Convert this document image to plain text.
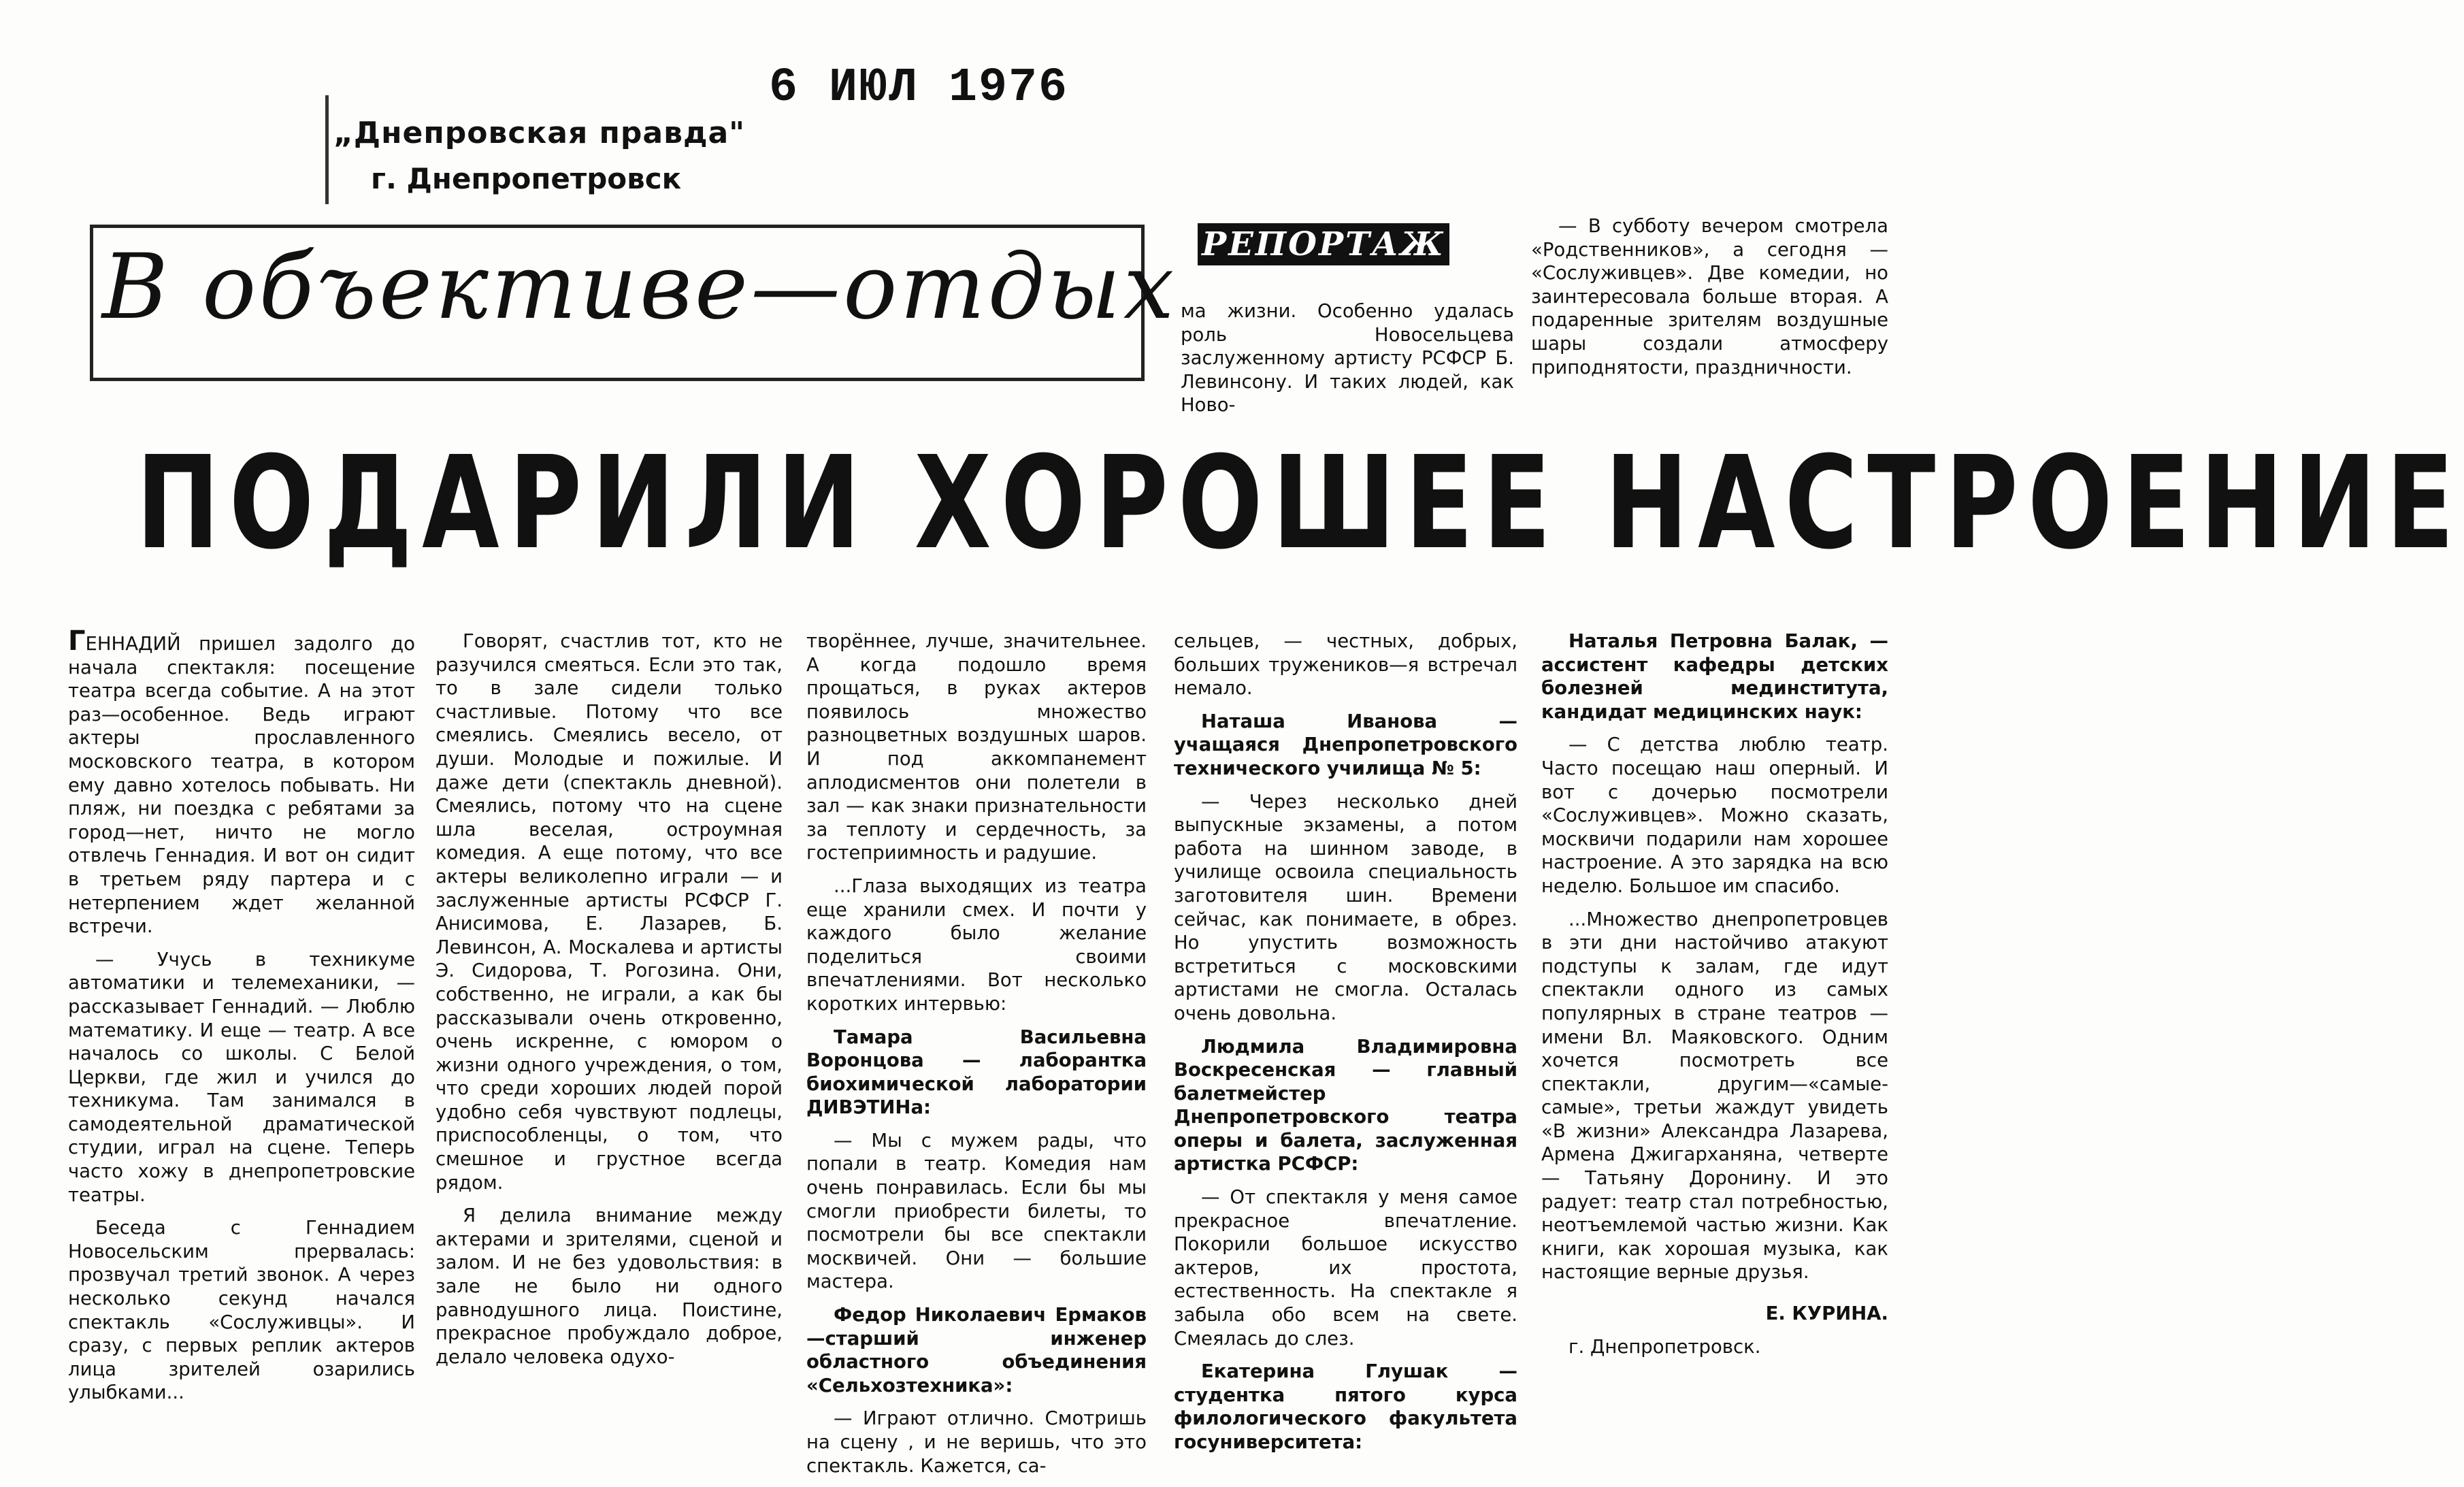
6 ИЮЛ 1976
„Днепровская правда"
г. Днепропетровск
В объективе—отдых РЕПОРТАЖ

ма жизни. Особенно удалась роль Новосельцева заслуженному артисту РСФСР Б. Левинсону. И таких людей, как Ново-

— В субботу вечером смотрела «Родственников», а сегодня — «Сослуживцев». Две комедии, но заинтересовала больше вторая. А подаренные зрителям воздушные шары создали атмосферу приподнятости, праздничности.

ПОДАРИЛИ ХОРОШЕЕ НАСТРОЕНИЕ

ГЕННАДИЙ пришел задолго до начала спектакля: посещение театра всегда событие. А на этот раз—особенное. Ведь играют актеры прославленного московского театра, в котором ему давно хотелось побывать. Ни пляж, ни поездка с ребятами за город—нет, ничто не могло отвлечь Геннадия. И вот он сидит в третьем ряду партера и с нетерпением ждет желанной встречи.

— Учусь в техникуме автоматики и телемеханики, — рассказывает Геннадий. — Люблю математику. И еще — театр. А все началось со школы. С Белой Церкви, где жил и учился до техникума. Там занимался в самодеятельной драматической студии, играл на сцене. Теперь часто хожу в днепропетровские театры.

Беседа с Геннадием Новосельским прервалась: прозвучал третий звонок. А через несколько секунд начался спектакль «Сослуживцы». И сразу, с первых реплик актеров лица зрителей озарились улыбками...

Говорят, счастлив тот, кто не разучился смеяться. Если это так, то в зале сидели только счастливые. Потому что все смеялись. Смеялись весело, от души. Молодые и пожилые. И даже дети (спектакль дневной). Смеялись, потому что на сцене шла веселая, остроумная комедия. А еще потому, что все актеры великолепно играли — и заслуженные артисты РСФСР Г. Анисимова, Е. Лазарев, Б. Левинсон, А. Москалева и артисты Э. Сидорова, Т. Рогозина. Они, собственно, не играли, а как бы рассказывали очень откровенно, очень искренне, с юмором о жизни одного учреждения, о том, что среди хороших людей порой удобно себя чувствуют подлецы, приспособленцы, о том, что смешное и грустное всегда рядом.

Я делила внимание между актерами и зрителями, сценой и залом. И не без удовольствия: в зале не было ни одного равнодушного лица. Поистине, прекрасное пробуждало доброе, делало человека одухо-

творённее, лучше, значительнее. А когда подошло время прощаться, в руках актеров появилось множество разноцветных воздушных шаров. И под аккомпанемент аплодисментов они полетели в зал — как знаки признательности за теплоту и сердечность, за гостеприимность и радушие.

...Глаза выходящих из театра еще хранили смех. И почти у каждого было желание поделиться своими впечатлениями. Вот несколько коротких интервью:

Тамара Васильевна Воронцова — лаборантка биохимической лаборатории ДИВЭТИНа:

— Мы с мужем рады, что попали в театр. Комедия нам очень понравилась. Если бы мы смогли приобрести билеты, то посмотрели бы все спектакли москвичей. Они — большие мастера.

Федор Николаевич Ермаков —старший инженер областного объединения «Сельхозтехника»:

— Играют отлично. Смотришь на сцену , и не веришь, что это спектакль. Кажется, са-

сельцев, — честных, добрых, больших тружеников—я встречал немало.

Наташа Иванова — учащаяся Днепропетровского технического училища № 5:

— Через несколько дней выпускные экзамены, а потом работа на шинном заводе, в училище освоила специальность заготовителя шин. Времени сейчас, как понимаете, в обрез. Но упустить возможность встретиться с московскими артистами не смогла. Осталась очень довольна.

Людмила Владимировна Воскресенская — главный балетмейстер Днепропетровского театра оперы и балета, заслуженная артистка РСФСР:

— От спектакля у меня самое прекрасное впечатление. Покорили большое искусство актеров, их простота, естественность. На спектакле я забыла обо всем на свете. Смеялась до слез.

Екатерина Глушак — студентка пятого курса филологического факультета госуниверситета:

Наталья Петровна Балак, — ассистент кафедры детских болезней мединститута, кандидат медицинских наук:

— С детства люблю театр. Часто посещаю наш оперный. И вот с дочерью посмотрели «Сослуживцев». Можно сказать, москвичи подарили нам хорошее настроение. А это зарядка на всю неделю. Большое им спасибо.

...Множество днепропетровцев в эти дни настойчиво атакуют подступы к залам, где идут спектакли одного из самых популярных в стране театров — имени Вл. Маяковского. Одним хочется посмотреть все спектакли, другим—«самые-самые», третьи жаждут увидеть «В жизни» Александра Лазарева, Армена Джигарханяна, четверте — Татьяну Доронину. И это радует: театр стал потребностью, неотъемлемой частью жизни. Как книги, как хорошая музыка, как настоящие верные друзья.

Е. КУРИНА.

г. Днепропетровск.
